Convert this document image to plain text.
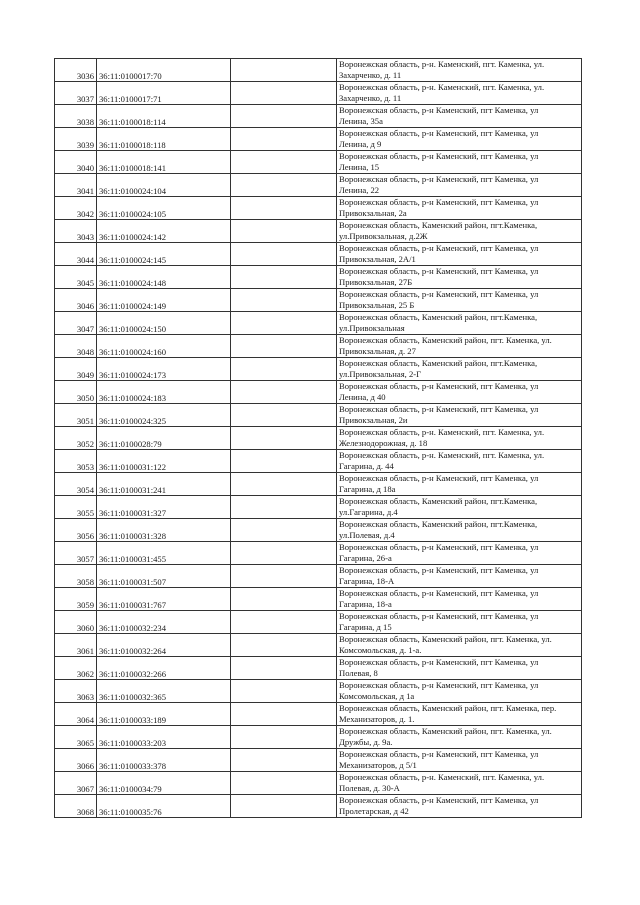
3036	36:11:0100017:70		Воронежская область, р-н. Каменский, пгт. Каменка, ул.
Захарченко, д. 11
3037	36:11:0100017:71		Воронежская область, р-н. Каменский, пгт. Каменка, ул.
Захарченко, д. 11
3038	36:11:0100018:114		Воронежская область, р-н Каменский, пгт Каменка, ул
Ленина, 35а
3039	36:11:0100018:118		Воронежская область, р-н Каменский, пгт Каменка, ул
Ленина, д 9
3040	36:11:0100018:141		Воронежская область, р-н Каменский, пгт Каменка, ул
Ленина, 15
3041	36:11:0100024:104		Воронежская область, р-н Каменский, пгт Каменка, ул
Ленина, 22
3042	36:11:0100024:105		Воронежская область, р-н Каменский, пгт Каменка, ул
Привокзальная, 2а
3043	36:11:0100024:142		Воронежская область, Каменский район, пгт.Каменка,
ул.Привокзальная, д.2Ж
3044	36:11:0100024:145		Воронежская область, р-н Каменский, пгт Каменка, ул
Привокзальная, 2А/1
3045	36:11:0100024:148		Воронежская область, р-н Каменский, пгт Каменка, ул
Привокзальная, 27Б
3046	36:11:0100024:149		Воронежская область, р-н Каменский, пгт Каменка, ул
Привокзальная, 25 Б
3047	36:11:0100024:150		Воронежская область, Каменский район, пгт.Каменка,
ул.Привокзальная
3048	36:11:0100024:160		Воронежская область, Каменский район, пгт. Каменка, ул.
Привокзальная, д. 27
3049	36:11:0100024:173		Воронежская область, Каменский район, пгт.Каменка,
ул.Привокзальная, 2-Г
3050	36:11:0100024:183		Воронежская область, р-н Каменский, пгт Каменка, ул
Ленина, д 40
3051	36:11:0100024:325		Воронежская область, р-н Каменский, пгт Каменка, ул
Привокзальная, 2и
3052	36:11:0100028:79		Воронежская область, р-н. Каменский, пгт. Каменка, ул.
Железнодорожная, д. 18
3053	36:11:0100031:122		Воронежская область, р-н. Каменский, пгт. Каменка, ул.
Гагарина, д. 44
3054	36:11:0100031:241		Воронежская область, р-н Каменский, пгт Каменка, ул
Гагарина, д 18а
3055	36:11:0100031:327		Воронежская область, Каменский район, пгт.Каменка,
ул.Гагарина, д.4
3056	36:11:0100031:328		Воронежская область, Каменский район, пгт.Каменка,
ул.Полевая, д.4
3057	36:11:0100031:455		Воронежская область, р-н Каменский, пгт Каменка, ул
Гагарина, 26-а
3058	36:11:0100031:507		Воронежская область, р-н Каменский, пгт Каменка, ул
Гагарина, 18-А
3059	36:11:0100031:767		Воронежская область, р-н Каменский, пгт Каменка, ул
Гагарина, 18-а
3060	36:11:0100032:234		Воронежская область, р-н Каменский, пгт Каменка, ул
Гагарина, д 15
3061	36:11:0100032:264		Воронежская область, Каменский район, пгт. Каменка, ул.
Комсомольская, д. 1-а.
3062	36:11:0100032:266		Воронежская область, р-н Каменский, пгт Каменка, ул
Полевая, 8
3063	36:11:0100032:365		Воронежская область, р-н Каменский, пгт Каменка, ул
Комсомольская, д 1а
3064	36:11:0100033:189		Воронежская область, Каменский район, пгт. Каменка, пер.
Механизаторов, д. 1.
3065	36:11:0100033:203		Воронежская область, Каменский район, пгт. Каменка, ул.
Дружбы, д. 9а.
3066	36:11:0100033:378		Воронежская область, р-н Каменский, пгт Каменка, ул
Механизаторов, д 5/1
3067	36:11:0100034:79		Воронежская область, р-н. Каменский, пгт. Каменка, ул.
Полевая, д. 30-А
3068	36:11:0100035:76		Воронежская область, р-н Каменский, пгт Каменка, ул
Пролетарская, д 42
